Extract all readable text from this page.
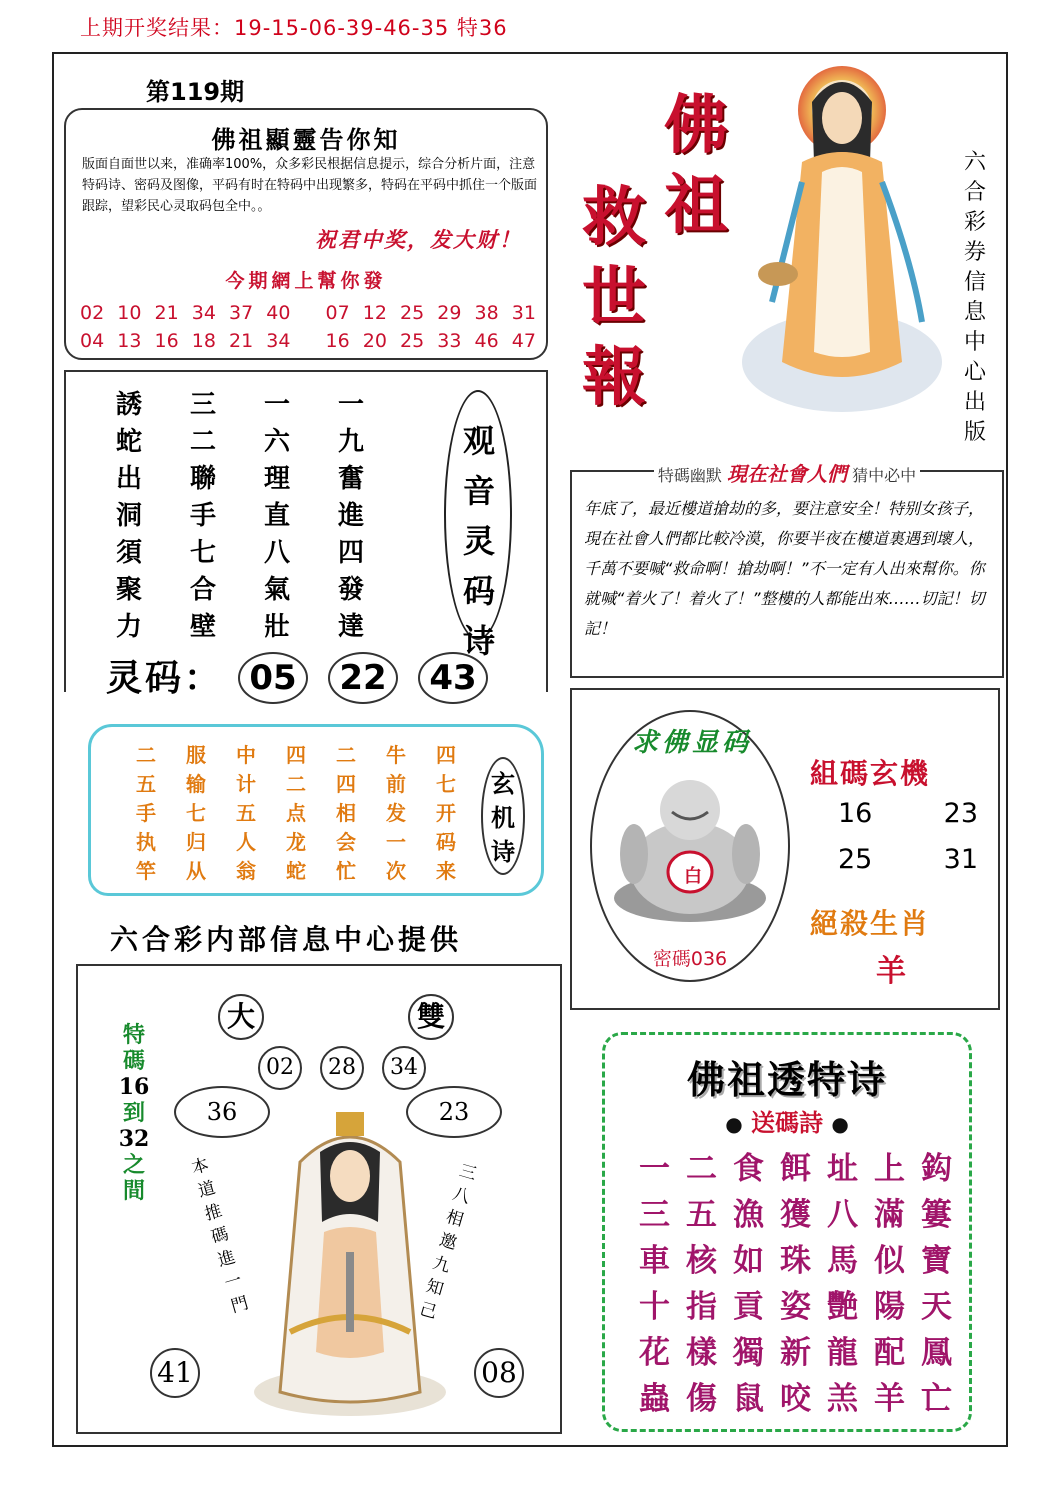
上期开奖结果：19-15-06-39-46-35 特36
第119期
佛祖顯靈告你知
版面自面世以来，准确率100%，众多彩民根据信息提示，综合分析片面，注意特码诗、密码及图像，平码有时在特码中出现繁多，特码在平码中抓住一个版面跟踪，望彩民心灵取码包全中。。
祝君中奖，发大财！
今期網上幫你發
02 10 21 34 37 40 07 12 25 29 38 31
04 13 16 18 21 34 16 20 25 33 46 47
誘	三	一	一
蛇	二	六	九
出	聯	理	奮
洞	手	直	進
須	七	八	四
聚	合	氣	發
力	壁	壯	達
观音灵码诗
灵码： 05	22	43
佛祖
救世報
六合彩券信息中心出版
特碼幽默 現在社會人們 猜中必中
年底了，最近樓道搶劫的多，要注意安全！特别女孩子，現在社會人們都比較冷漠，你要半夜在樓道裏遇到壞人，千萬不要喊“救命啊！搶劫啊！”不一定有人出來幫你。你就喊“着火了！着火了！”整樓的人都能出來……切記！切記！
二	服	中	四	二	牛	四
五	输	计	二	四	前	七
手	七	五	点	相	发	开
执	归	人	龙	会	一	码
竿	从	翁	蛇	忙	次	来
玄机诗
六合彩内部信息中心提供
求佛显码
白
密碼036
組碼玄機
16	23
25	31
絕殺生肖
羊
大	雙
02	28	34
36	23
特
碼
16
到
32
之
間
本道推碼進一門
三八相邀九知己
41	08
佛祖透特诗
● 送碼詩 ●
一 二 食 餌 址 上 鈎
三 五 漁 獲 八 滿 簍
車 核 如 珠 馬 似 寶
十 指 貢 姿 艷 陽 天
花 樣 獨 新 龍 配 鳳
蟲 傷 鼠 咬 羔 羊 亡
